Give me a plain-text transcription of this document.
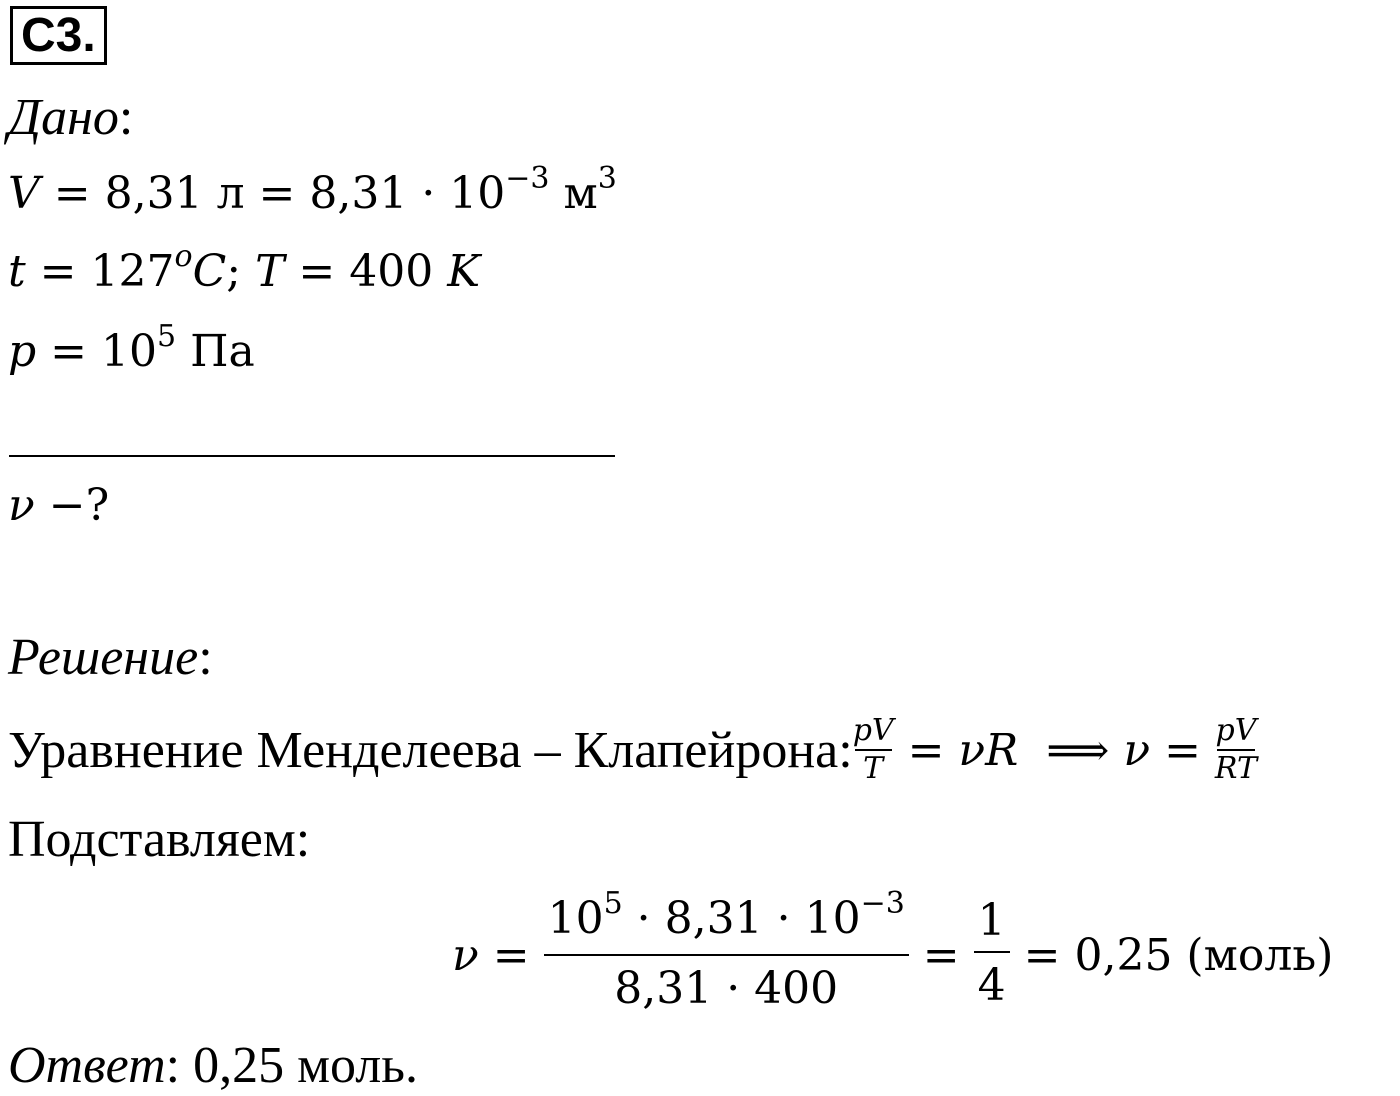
С3.
Дано:
V = 8,31 $л = 8,31 \cdot 10^{-3}$ $м^3$
$t = 127^oC$; T = 400 K
$p = 10^5$ Па
ν −?
Решение:
Уравнение Менделеева – Клапейрона: $\frac{pV}{T} = \nu R$  ⟹ $\nu = \frac{pV}{RT}$
Подставляем:
$\nu = \frac{10^5 \cdot 8,31 \cdot 10^{-3}}{8,31 \cdot 400} = \frac{1}{4} = 0,25$ (моль)
Ответ: 0,25 моль.
